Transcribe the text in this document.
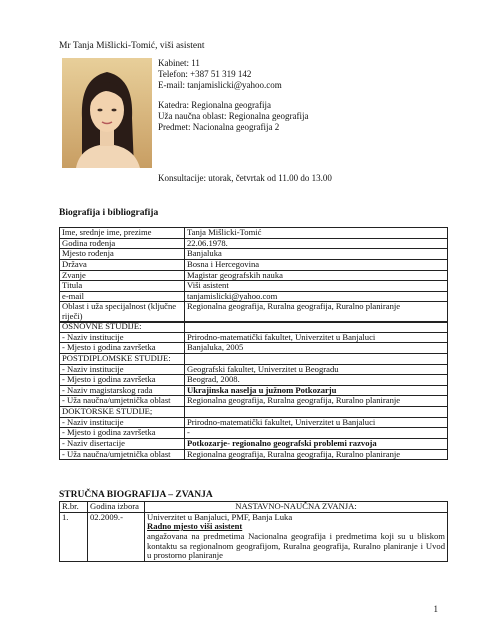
Mr Tanja Mišlicki-Tomić, viši asistent
Kabinet: 11
Telefon: +387 51 319 142
E-mail: tanjamislicki@yahoo.com
Katedra: Regionalna geografija
Uža naučna oblast: Regionalna geografija
Predmet: Nacionalna geografija 2
Konsultacije: utorak, četvrtak od 11.00 do 13.00
Biografija i bibliografija
Ime, srednje ime, prezime	Tanja Mišlicki-Tomić
Godina rođenja	22.06.1978.
Mjesto rođenja	Banjaluka
Država	Bosna i Hercegovina
Zvanje	Magistar geografskih nauka
Titula	Viši asistent
e-mail	tanjamislicki@yahoo.com
Oblast i uža specijalnost (ključne riječi)	Regionalna geografija, Ruralna geografija, Ruralno planiranje
OSNOVNE STUDIJE:	
- Naziv institucije	Prirodno-matematički fakultet, Univerzitet u Banjaluci
- Mjesto i godina završetka	Banjaluka, 2005
POSTDIPLOMSKE STUDIJE:	
- Naziv institucije	Geografski fakultet, Univerzitet u Beogradu
- Mjesto i godina završetka	Beograd, 2008.
- Naziv magistarskog rada	Ukrajinska naselja u južnom Potkozarju
- Uža naučna/umjetnička oblast	Regionalna geografija, Ruralna geografija, Ruralno planiranje
DOKTORSKE STUDIJE;	
- Naziv institucije	Prirodno-matematički fakultet, Univerzitet u Banjaluci
- Mjesto i godina završetka	-
- Naziv disertacije	Potkozarje- regionalno geografski problemi razvoja
- Uža naučna/umjetnička oblast	Regionalna geografija, Ruralna geografija, Ruralno planiranje
STRUČNA BIOGRAFIJA – ZVANJA
R.br.	Godina izbora	NASTAVNO-NAUČNA ZVANJA:
1.	02.2009.-	Univerzitet u Banjaluci, PMF, Banja Luka
Radno mjesto viši asistent
angažovana na predmetima Nacionalna geografija i predmetima koji su u bliskom kontaktu sa regionalnom geografijom, Ruralna geografija, Ruralno planiranje i Uvod u prostorno planiranje
1
